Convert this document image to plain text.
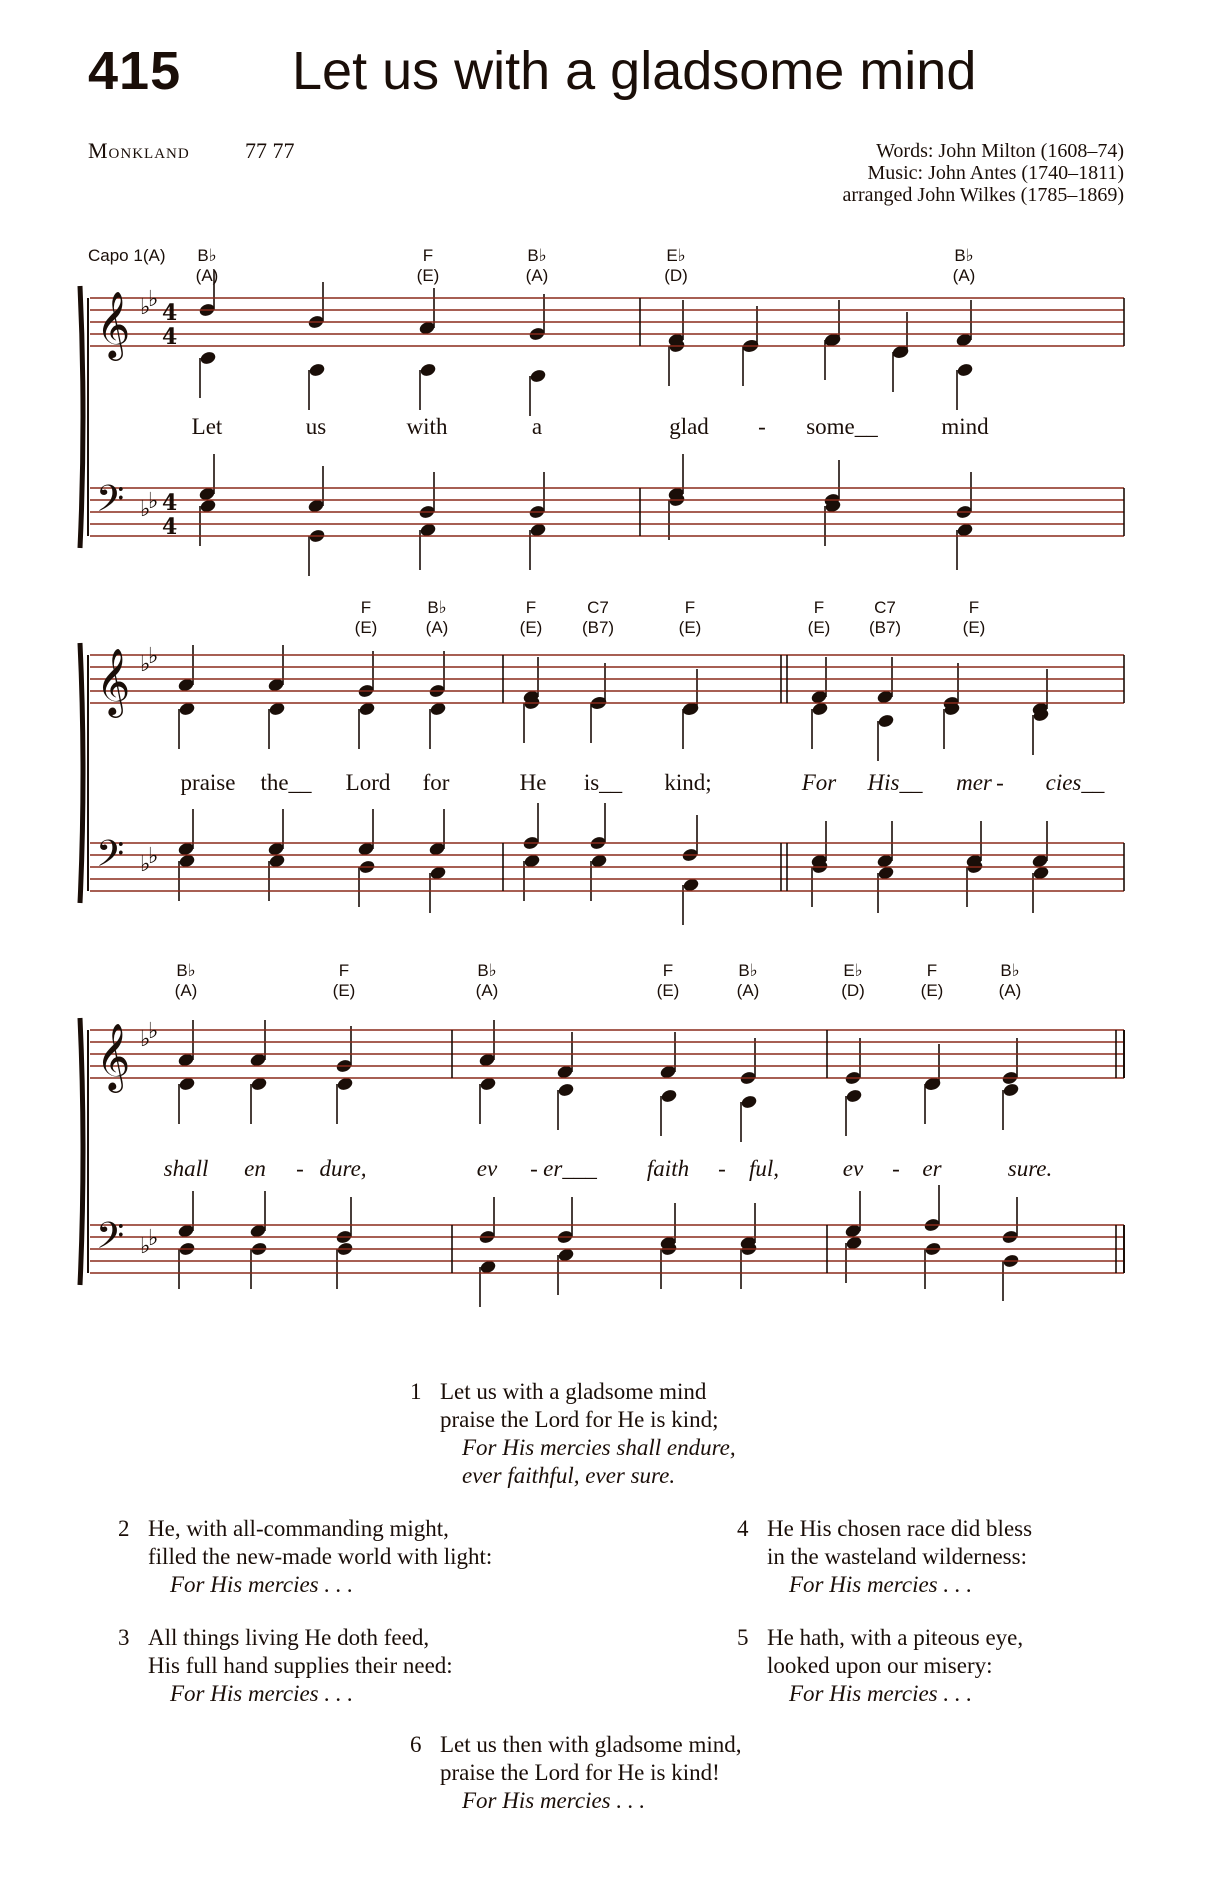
415 Let us with a gladsome mind
Monkland	77 77	Words: John Milton (1608–74)
Music: John Antes (1740–1811)
arranged John Wilkes (1785–1869)
Capo 1(A)
𝄞
𝄢
♭
♭
♭
♭
4
4
4
4
𝄞
𝄢
♭
♭
♭
♭
𝄞
𝄢
♭
♭
♭
♭
B♭
(A)
F
(E)
B♭
(A)
E♭
(D)
B♭
(A)
Let	us	with	a	glad - some__	mind
F
(E)
B♭
(A)
F
(E)
C7
(B7)
F
(E)
F
(E)
C7
(B7)
F
(E)
praise the__ Lord for	He is__ kind;	For His__ mer - cies__
B♭
(A)
F
(E)
B♭
(A)
F
(E)
B♭
(A)
E♭
(D)
F
(E)
B♭
(A)
shall en - dure,	ev - er___ faith - ful,	ev - er	sure.
1 Let us with a gladsome mind
praise the Lord for He is kind;
For His mercies shall endure,
ever faithful, ever sure.
2 He, with all-commanding might,
filled the new-made world with light:
For His mercies . . .
3 All things living He doth feed,
His full hand supplies their need:
For His mercies . . .
4 He His chosen race did bless
in the wasteland wilderness:
For His mercies . . .
5 He hath, with a piteous eye,
looked upon our misery:
For His mercies . . .
6 Let us then with gladsome mind,
praise the Lord for He is kind!
For His mercies . . .
